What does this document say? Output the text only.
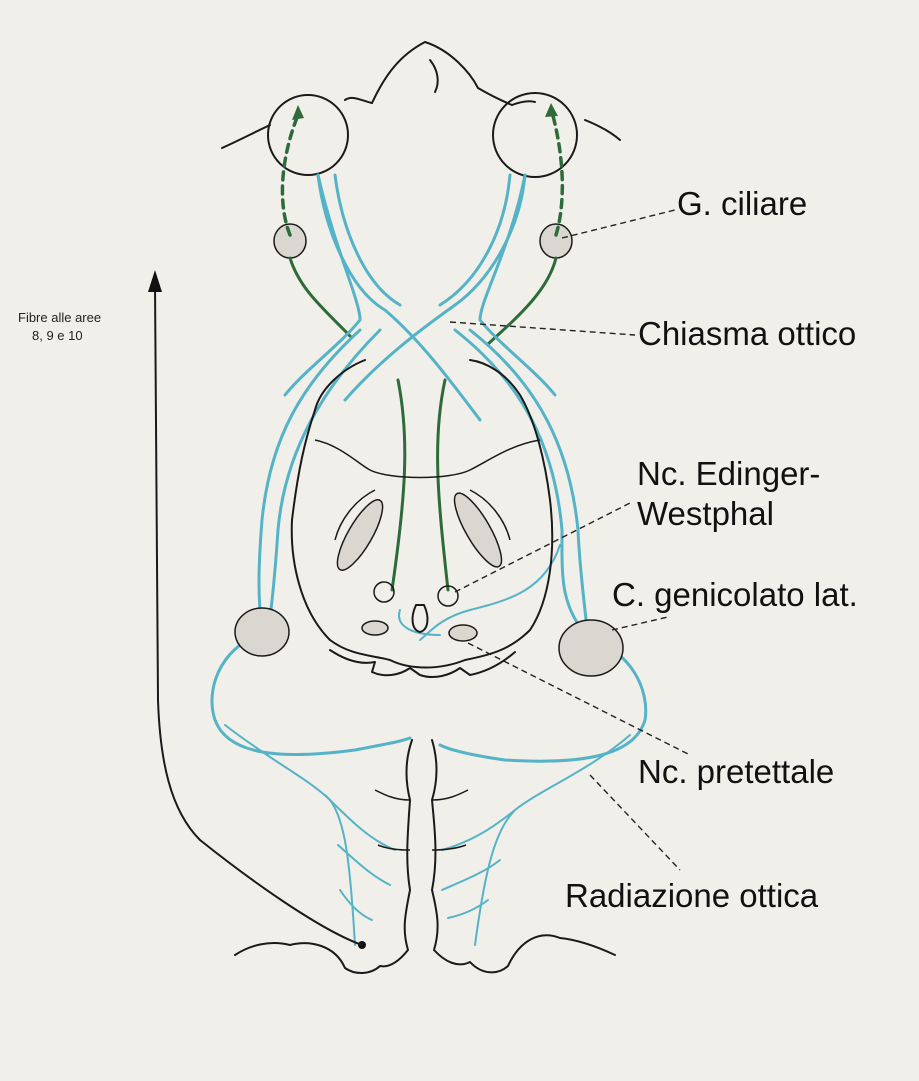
Fibre alle aree
8, 9 e 10
G. ciliare
Chiasma ottico
Nc. Edinger-
Westphal
C. genicolato lat.
Nc. pretettale
Radiazione ottica
